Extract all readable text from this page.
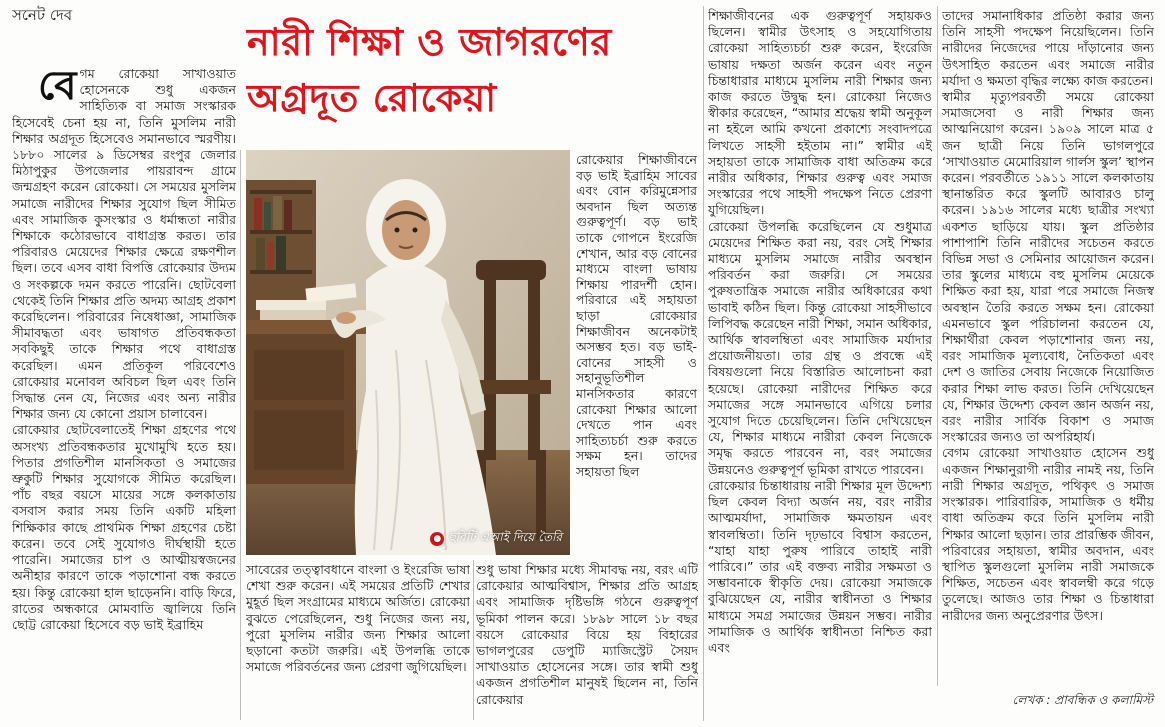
সনেট দেব
নারী শিক্ষা ও জাগরণের
অগ্রদূত রোকেয়া

বেগম রোকেয়া সাখাওয়াত হোসেনকে শুধু একজন সাহিত্যিক বা সমাজ সংস্কারক হিসেবেই চেনা হয় না, তিনি মুসলিম নারী শিক্ষার অগ্রদূত হিসেবেও সমানভাবে স্মরণীয়। ১৮৮০ সালের ৯ ডিসেম্বর রংপুর জেলার মিঠাপুকুর উপজেলার পায়রাবন্দ গ্রামে জন্মগ্রহণ করেন রোকেয়া। সে সময়ের মুসলিম সমাজে নারীদের শিক্ষার সুযোগ ছিল সীমিত এবং সামাজিক কুসংস্কার ও ধর্মান্ধতা নারীর শিক্ষাকে কঠোরভাবে বাধাগ্রস্ত করত। তার পরিবারও মেয়েদের শিক্ষার ক্ষেত্রে রক্ষণশীল ছিল। তবে এসব বাধা বিপত্তি রোকেয়ার উদ্যম ও সংকল্পকে দমন করতে পারেনি। ছোটবেলা থেকেই তিনি শিক্ষার প্রতি অদম্য আগ্রহ প্রকাশ করেছিলেন। পরিবারের নিষেধাজ্ঞা, সামাজিক সীমাবদ্ধতা এবং ভাষাগত প্রতিবন্ধকতা সবকিছুই তাকে শিক্ষার পথে বাধাগ্রস্ত করেছিল। এমন প্রতিকূল পরিবেশেও রোকেয়ার মনোবল অবিচল ছিল এবং তিনি সিদ্ধান্ত নেন যে, নিজের এবং অন্য নারীর শিক্ষার জন্য যে কোনো প্রয়াস চালাবেন।

রোকেয়ার ছোটবেলাতেই শিক্ষা গ্রহণের পথে অসংখ্য প্রতিবন্ধকতার মুখোমুখি হতে হয়। পিতার প্রগতিশীল মানসিকতা ও সমাজের ভ্রুকুটি শিক্ষার সুযোগকে সীমিত করেছিল। পাঁচ বছর বয়সে মায়ের সঙ্গে কলকাতায় বসবাস করার সময় তিনি একটি মহিলা শিক্ষিকার কাছে প্রাথমিক শিক্ষা গ্রহণের চেষ্টা করেন। তবে সেই সুযোগও দীর্ঘস্থায়ী হতে পারেনি। সমাজের চাপ ও আত্মীয়স্বজনের অনীহার কারণে তাকে পড়াশোনা বন্ধ করতে হয়। কিন্তু রোকেয়া হাল ছাড়েননি। বাড়ি ফিরে, রাতের অন্ধকারে মোমবাতি জ্বালিয়ে তিনি ছোট্ট রোকেয়া হিসেবে বড় ভাই ইব্রাহিম

● ছবিটি এআই দিয়ে তৈরি

রোকেয়ার শিক্ষাজীবনে বড় ভাই ইব্রাহিম সাবের এবং বোন করিমুন্নেসার অবদান ছিল অত্যন্ত গুরুত্বপূর্ণ। বড় ভাই তাকে গোপনে ইংরেজি শেখান, আর বড় বোনের মাধ্যমে বাংলা ভাষায় শিক্ষায় পারদর্শী হোন। পরিবারে এই সহায়তা ছাড়া রোকেয়ার শিক্ষাজীবন অনেকটাই অসম্ভব হত। বড় ভাই-বোনের সাহসী ও সহানুভূতিশীল মানসিকতার কারণে রোকেয়া শিক্ষার আলো দেখতে পান এবং সাহিত্যচর্চা শুরু করতে সক্ষম হন। তাদের সহায়তা ছিল

সাবেরের তত্ত্বাবধানে বাংলা ও ইংরেজি ভাষা শেখা শুরু করেন। এই সময়ের প্রতিটি শেখার মুহূর্ত ছিল সংগ্রামের মাধ্যমে অর্জিত। রোকেয়া বুঝতে পেরেছিলেন, শুধু নিজের জন্য নয়, পুরো মুসলিম নারীর জন্য শিক্ষার আলো ছড়ানো কতটা জরুরি। এই উপলব্ধি তাকে সমাজে পরিবর্তনের জন্য প্রেরণা জুগিয়েছিল।

শুধু ভাষা শিক্ষার মধ্যে সীমাবদ্ধ নয়, বরং এটি রোকেয়ার আত্মবিশ্বাস, শিক্ষার প্রতি আগ্রহ এবং সামাজিক দৃষ্টিভঙ্গি গঠনে গুরুত্বপূর্ণ ভূমিকা পালন করে। ১৮৯৮ সালে ১৮ বছর বয়সে রোকেয়ার বিয়ে হয় বিহারের ভাগলপুরের ডেপুটি ম্যাজিস্ট্রেট সৈয়দ সাখাওয়াত হোসেনের সঙ্গে। তার স্বামী শুধু একজন প্রগতিশীল মানুষই ছিলেন না, তিনি রোকেয়ার

শিক্ষাজীবনের এক গুরুত্বপূর্ণ সহায়কও ছিলেন। স্বামীর উৎসাহ ও সহযোগিতায় রোকেয়া সাহিত্যচর্চা শুরু করেন, ইংরেজি ভাষায় দক্ষতা অর্জন করেন এবং নতুন চিন্তাধারার মাধ্যমে মুসলিম নারী শিক্ষার জন্য কাজ করতে উদ্বুদ্ধ হন। রোকেয়া নিজেও স্বীকার করেছেন, “আমার শ্রদ্ধেয় স্বামী অনুকূল না হইলে আমি কখনো প্রকাশ্যে সংবাদপত্রে লিখতে সাহসী হইতাম না।” স্বামীর এই সহায়তা তাকে সামাজিক বাধা অতিক্রম করে নারীর অধিকার, শিক্ষার গুরুত্ব এবং সমাজ সংস্কারের পথে সাহসী পদক্ষেপ নিতে প্রেরণা যুগিয়েছিল।

রোকেয়া উপলব্ধি করেছিলেন যে শুধুমাত্র মেয়েদের শিক্ষিত করা নয়, বরং সেই শিক্ষার মাধ্যমে মুসলিম সমাজে নারীর অবস্থান পরিবর্তন করা জরুরি। সে সময়ের পুরুষতান্ত্রিক সমাজে নারীর অধিকারের কথা ভাবাই কঠিন ছিল। কিন্তু রোকেয়া সাহসীভাবে লিপিবদ্ধ করেছেন নারী শিক্ষা, সমান অধিকার, আর্থিক স্বাবলম্বিতা এবং সামাজিক মর্যাদার প্রয়োজনীয়তা। তার গ্রন্থ ও প্রবন্ধে এই বিষয়গুলো নিয়ে বিস্তারিত আলোচনা করা হয়েছে। রোকেয়া নারীদের শিক্ষিত করে সমাজের সঙ্গে সমানভাবে এগিয়ে চলার সুযোগ দিতে চেয়েছিলেন। তিনি দেখিয়েছেন যে, শিক্ষার মাধ্যমে নারীরা কেবল নিজেকে সমৃদ্ধ করতে পারবেন না, বরং সমাজের উন্নয়নেও গুরুত্বপূর্ণ ভূমিকা রাখতে পারবেন।

রোকেয়ার চিন্তাধারায় নারী শিক্ষার মূল উদ্দেশ্য ছিল কেবল বিদ্যা অর্জন নয়, বরং নারীর আত্মমর্যাদা, সামাজিক ক্ষমতায়ন এবং স্বাবলম্বিতা। তিনি দৃঢ়ভাবে বিশ্বাস করতেন, “যাহা যাহা পুরুষ পারিবে তাহাই নারী পারিবে।” তার এই বক্তব্য নারীর সক্ষমতা ও সম্ভাবনাকে স্বীকৃতি দেয়। রোকেয়া সমাজকে বুঝিয়েছেন যে, নারীর স্বাধীনতা ও শিক্ষার মাধ্যমে সমগ্র সমাজের উন্নয়ন সম্ভব। নারীর সামাজিক ও আর্থিক স্বাধীনতা নিশ্চিত করা এবং

তাদের সমানাধিকার প্রতিষ্ঠা করার জন্য তিনি সাহসী পদক্ষেপ নিয়েছিলেন। তিনি নারীদের নিজেদের পায়ে দাঁড়ানোর জন্য উৎসাহিত করতেন এবং সমাজে নারীর মর্যাদা ও ক্ষমতা বৃদ্ধির লক্ষ্যে কাজ করতেন।

স্বামীর মৃত্যুপরবর্তী সময়ে রোকেয়া সমাজসেবা ও নারী শিক্ষার জন্য আত্মনিয়োগ করেন। ১৯০৯ সালে মাত্র ৫ জন ছাত্রী নিয়ে তিনি ভাগলপুরে ‘সাখাওয়াত মেমোরিয়াল গার্লস স্কুল’ স্থাপন করেন। পরবর্তীতে ১৯১১ সালে কলকাতায় স্থানান্তরিত করে স্কুলটি আবারও চালু করেন। ১৯১৬ সালের মধ্যে ছাত্রীর সংখ্যা একশত ছাড়িয়ে যায়। স্কুল প্রতিষ্ঠার পাশাপাশি তিনি নারীদের সচেতন করতে বিভিন্ন সভা ও সেমিনার আয়োজন করেন। তার স্কুলের মাধ্যমে বহু মুসলিম মেয়েকে শিক্ষিত করা হয়, যারা পরে সমাজে নিজস্ব অবস্থান তৈরি করতে সক্ষম হন। রোকেয়া এমনভাবে স্কুল পরিচালনা করতেন যে, শিক্ষার্থীরা কেবল পড়াশোনার জন্য নয়, বরং সামাজিক মূল্যবোধ, নৈতিকতা এবং দেশ ও জাতির সেবায় নিজেকে নিয়োজিত করার শিক্ষা লাভ করত। তিনি দেখিয়েছেন যে, শিক্ষার উদ্দেশ্য কেবল জ্ঞান অর্জন নয়, বরং নারীর সার্বিক বিকাশ ও সমাজ সংস্কারের জন্যও তা অপরিহার্য।

বেগম রোকেয়া সাখাওয়াত হোসেন শুধু একজন শিক্ষানুরাগী নারীর নামই নয়, তিনি নারী শিক্ষার অগ্রদূত, পথিকৃৎ ও সমাজ সংস্কারক। পারিবারিক, সামাজিক ও ধর্মীয় বাধা অতিক্রম করে তিনি মুসলিম নারী শিক্ষার আলো ছড়ান। তার প্রারম্ভিক জীবন, পরিবারের সহায়তা, স্বামীর অবদান, এবং স্থাপিত স্কুলগুলো মুসলিম নারী সমাজকে শিক্ষিত, সচেতন এবং স্বাবলম্বী করে গড়ে তুলেছে। আজও তার শিক্ষা ও চিন্তাধারা নারীদের জন্য অনুপ্রেরণার উৎস।

লেখক : প্রাবন্ধিক ও কলামিস্ট
